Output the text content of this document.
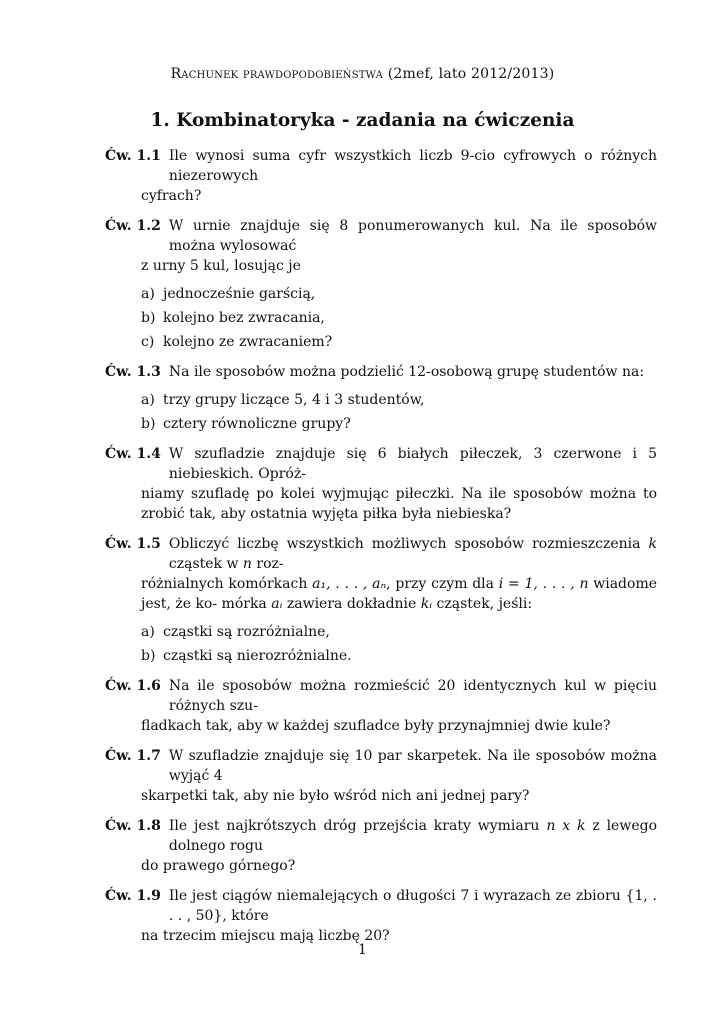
Rachunek prawdopodobieństwa (2mef, lato 2012/2013)
1. Kombinatoryka - zadania na ćwiczenia
Ćw. 1.1 Ile wynosi suma cyfr wszystkich liczb 9-cio cyfrowych o różnych niezerowych
cyfrach?
Ćw. 1.2 W urnie znajduje się 8 ponumerowanych kul. Na ile sposobów można wylosować
z urny 5 kul, losując je
a) jednocześnie garścią,
b) kolejno bez zwracania,
c) kolejno ze zwracaniem?
Ćw. 1.3 Na ile sposobów można podzielić 12-osobową grupę studentów na:
a) trzy grupy liczące 5, 4 i 3 studentów,
b) cztery równoliczne grupy?
Ćw. 1.4 W szufladzie znajduje się 6 białych piłeczek, 3 czerwone i 5 niebieskich. Opróż-
niamy szufladę po kolei wyjmując piłeczki. Na ile sposobów można to zrobić tak, aby ostatnia wyjęta piłka była niebieska?
Ćw. 1.5 Obliczyć liczbę wszystkich możliwych sposobów rozmieszczenia k cząstek w n roz-
różnialnych komórkach a₁, . . . , aₙ, przy czym dla i = 1, . . . , n wiadome jest, że ko- mórka aᵢ zawiera dokładnie kᵢ cząstek, jeśli:
a) cząstki są rozróżnialne,
b) cząstki są nierozróżnialne.
Ćw. 1.6 Na ile sposobów można rozmieścić 20 identycznych kul w pięciu różnych szu-
fladkach tak, aby w każdej szufladce były przynajmniej dwie kule?
Ćw. 1.7 W szufladzie znajduje się 10 par skarpetek. Na ile sposobów można wyjąć 4
skarpetki tak, aby nie było wśród nich ani jednej pary?
Ćw. 1.8 Ile jest najkrótszych dróg przejścia kraty wymiaru n x k z lewego dolnego rogu
do prawego górnego?
Ćw. 1.9 Ile jest ciągów niemalejących o długości 7 i wyrazach ze zbioru {1, . . . , 50}, które
na trzecim miejscu mają liczbę 20?
1
